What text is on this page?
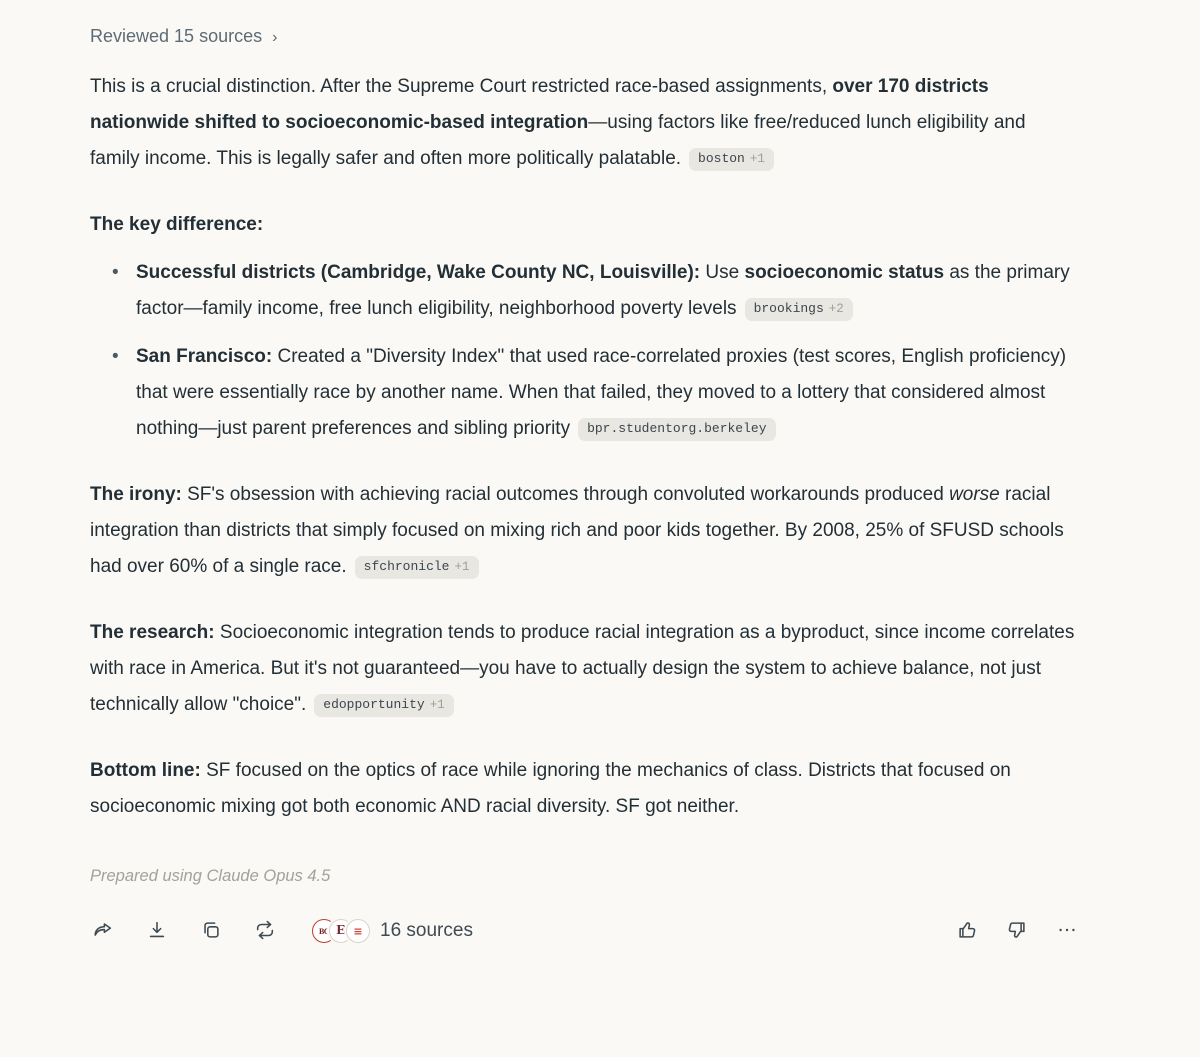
Reviewed 15 sources ›

This is a crucial distinction. After the Supreme Court restricted race-based assignments, over 170 districts nationwide shifted to socioeconomic-based integration—using factors like free/reduced lunch eligibility and family income. This is legally safer and often more politically palatable. boston +1

The key difference:

• Successful districts (Cambridge, Wake County NC, Louisville): Use socioeconomic status as the primary factor—family income, free lunch eligibility, neighborhood poverty levels brookings +2
• San Francisco: Created a "Diversity Index" that used race-correlated proxies (test scores, English proficiency) that were essentially race by another name. When that failed, they moved to a lottery that considered almost nothing—just parent preferences and sibling priority bpr.studentorg.berkeley

The irony: SF's obsession with achieving racial outcomes through convoluted workarounds produced worse racial integration than districts that simply focused on mixing rich and poor kids together. By 2008, 25% of SFUSD schools had over 60% of a single race. sfchronicle +1

The research: Socioeconomic integration tends to produce racial integration as a byproduct, since income correlates with race in America. But it's not guaranteed—you have to actually design the system to achieve balance, not just technically allow "choice". edopportunity +1

Bottom line: SF focused on the optics of race while ignoring the mechanics of class. Districts that focused on socioeconomic mixing got both economic AND racial diversity. SF got neither.

Prepared using Claude Opus 4.5
BC E ≡ 16 sources
